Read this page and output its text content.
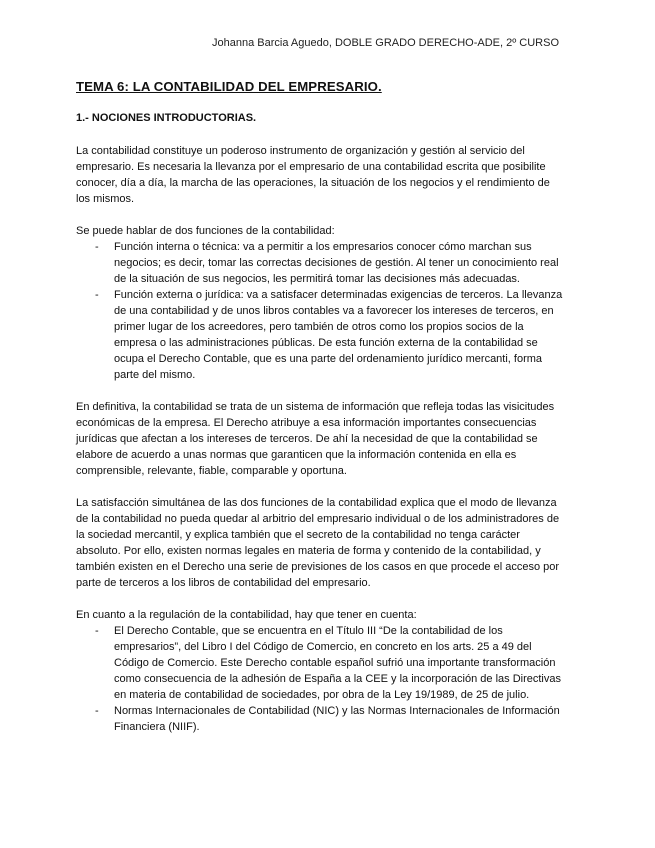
Johanna Barcia Aguedo, DOBLE GRADO DERECHO-ADE, 2º CURSO
TEMA 6: LA CONTABILIDAD DEL EMPRESARIO.
1.- NOCIONES INTRODUCTORIAS.

La contabilidad constituye un poderoso instrumento de organización y gestión al servicio del empresario. Es necesaria la llevanza por el empresario de una contabilidad escrita que posibilite conocer, día a día, la marcha de las operaciones, la situación de los negocios y el rendimiento de los mismos.

Se puede hablar de dos funciones de la contabilidad:

- Función interna o técnica: va a permitir a los empresarios conocer cómo marchan sus negocios; es decir, tomar las correctas decisiones de gestión. Al tener un conocimiento real de la situación de sus negocios, les permitirá tomar las decisiones más adecuadas.
- Función externa o jurídica: va a satisfacer determinadas exigencias de terceros. La llevanza de una contabilidad y de unos libros contables va a favorecer los intereses de terceros, en primer lugar de los acreedores, pero también de otros como los propios socios de la empresa o las administraciones públicas. De esta función externa de la contabilidad se ocupa el Derecho Contable, que es una parte del ordenamiento jurídico mercanti, forma parte del mismo.

En definitiva, la contabilidad se trata de un sistema de información que refleja todas las visicitudes económicas de la empresa. El Derecho atribuye a esa información importantes consecuencias jurídicas que afectan a los intereses de terceros. De ahí la necesidad de que la contabilidad se elabore de acuerdo a unas normas que garanticen que la información contenida en ella es comprensible, relevante, fiable, comparable y oportuna.

La satisfacción simultánea de las dos funciones de la contabilidad explica que el modo de llevanza de la contabilidad no pueda quedar al arbitrio del empresario individual o de los administradores de la sociedad mercantil, y explica también que el secreto de la contabilidad no tenga carácter absoluto. Por ello, existen normas legales en materia de forma y contenido de la contabilidad, y también existen en el Derecho una serie de previsiones de los casos en que procede el acceso por parte de terceros a los libros de contabilidad del empresario.

En cuanto a la regulación de la contabilidad, hay que tener en cuenta:

- El Derecho Contable, que se encuentra en el Título III “De la contabilidad de los empresarios”, del Libro I del Código de Comercio, en concreto en los arts. 25 a 49 del Código de Comercio. Este Derecho contable español sufrió una importante transformación como consecuencia de la adhesión de España a la CEE y la incorporación de las Directivas en materia de contabilidad de sociedades, por obra de la Ley 19/1989, de 25 de julio.
- Normas Internacionales de Contabilidad (NIC) y las Normas Internacionales de Información Financiera (NIIF).
